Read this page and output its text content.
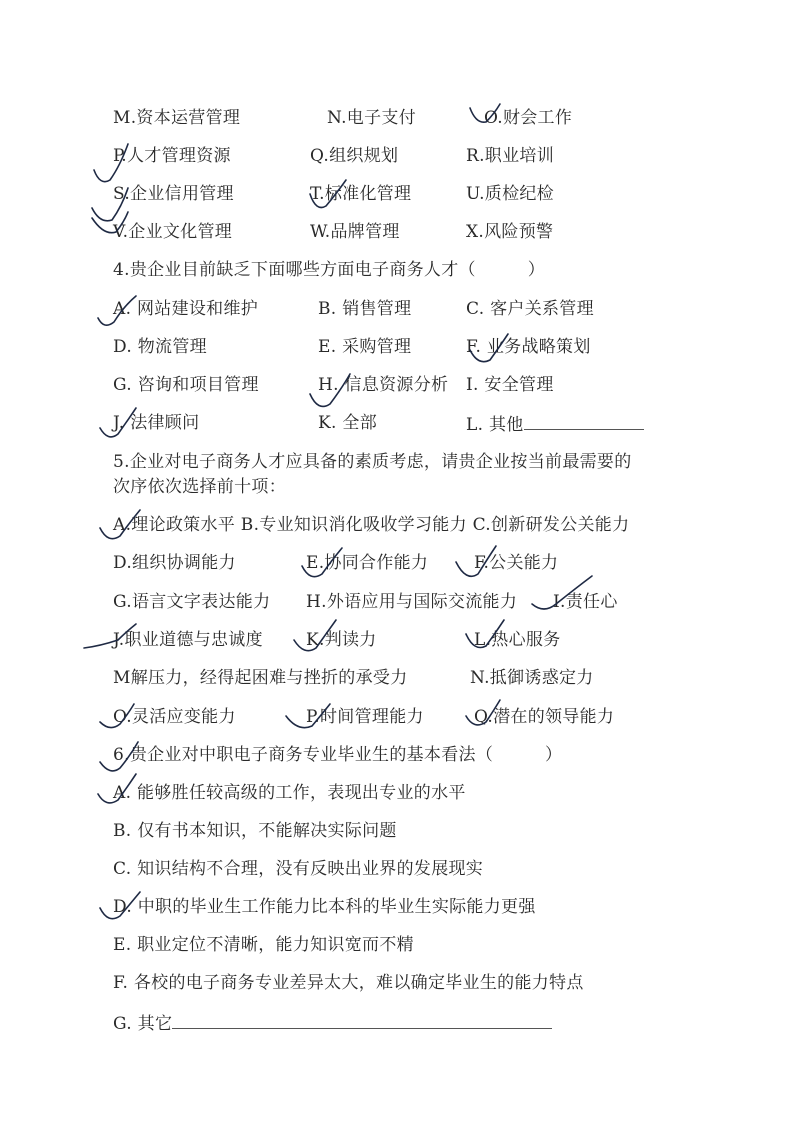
M.资本运营管理	N.电子支付	O.财会工作
P.人才管理资源	Q.组织规划	R.职业培训
S.企业信用管理	T.标准化管理	U.质检纪检
V.企业文化管理	W.品牌管理	X.风险预警
4.贵企业目前缺乏下面哪些方面电子商务人才（　　　）
A. 网站建设和维护	B. 销售管理	C. 客户关系管理
D. 物流管理	E. 采购管理	F. 业务战略策划
G. 咨询和项目管理	H. 信息资源分析 I. 安全管理
J. 法律顾问	K. 全部	L. 其他
5.企业对电子商务人才应具备的素质考虑，请贵企业按当前最需要的
次序依次选择前十项：
A.理论政策水平 B.专业知识消化吸收学习能力 C.创新研发公关能力
D.组织协调能力	E.协同合作能力	F.公关能力
G.语言文字表达能力 H.外语应用与国际交流能力 I.责任心
J.职业道德与忠诚度	K.判读力	L.热心服务
M解压力，经得起困难与挫折的承受力	N.抵御诱惑定力
O.灵活应变能力	P.时间管理能力	Q.潜在的领导能力
6.贵企业对中职电子商务专业毕业生的基本看法（　　　）
A. 能够胜任较高级的工作，表现出专业的水平
B. 仅有书本知识，不能解决实际问题
C. 知识结构不合理，没有反映出业界的发展现实
D. 中职的毕业生工作能力比本科的毕业生实际能力更强
E. 职业定位不清晰，能力知识宽而不精
F. 各校的电子商务专业差异太大，难以确定毕业生的能力特点
G. 其它
